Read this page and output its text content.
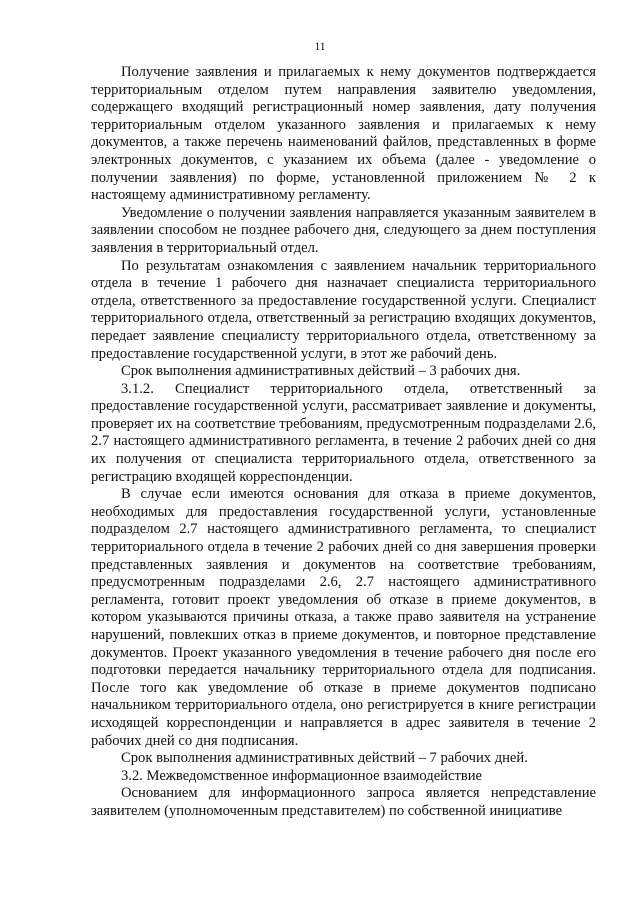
11

Получение заявления и прилагаемых к нему документов подтверждается территориальным отделом путем направления заявителю уведомления, содержащего входящий регистрационный номер заявления, дату получения территориальным отделом указанного заявления и прилагаемых к нему документов, а также перечень наименований файлов, представленных в форме электронных документов, с указанием их объема (далее - уведомление о получении заявления) по форме, установленной приложением № 2 к настоящему административному регламенту.

Уведомление о получении заявления направляется указанным заявителем в заявлении способом не позднее рабочего дня, следующего за днем поступления заявления в территориальный отдел.

По результатам ознакомления с заявлением начальник территориального отдела в течение 1 рабочего дня назначает специалиста территориального отдела, ответственного за предоставление государственной услуги. Специалист территориального отдела, ответственный за регистрацию входящих документов, передает заявление специалисту территориального отдела, ответственному за предоставление государственной услуги, в этот же рабочий день.

Срок выполнения административных действий – 3 рабочих дня.

3.1.2. Специалист территориального отдела, ответственный за предоставление государственной услуги, рассматривает заявление и документы, проверяет их на соответствие требованиям, предусмотренным подразделами 2.6, 2.7 настоящего административного регламента, в течение 2 рабочих дней со дня их получения от специалиста территориального отдела, ответственного за регистрацию входящей корреспонденции.

В случае если имеются основания для отказа в приеме документов, необходимых для предоставления государственной услуги, установленные подразделом 2.7 настоящего административного регламента, то специалист территориального отдела в течение 2 рабочих дней со дня завершения проверки представленных заявления и документов на соответствие требованиям, предусмотренным подразделами 2.6, 2.7 настоящего административного регламента, готовит проект уведомления об отказе в приеме документов, в котором указываются причины отказа, а также право заявителя на устранение нарушений, повлекших отказ в приеме документов, и повторное представление документов. Проект указанного уведомления в течение рабочего дня после его подготовки передается начальнику территориального отдела для подписания. После того как уведомление об отказе в приеме документов подписано начальником территориального отдела, оно регистрируется в книге регистрации исходящей корреспонденции и направляется в адрес заявителя в течение 2 рабочих дней со дня подписания.

Срок выполнения административных действий – 7 рабочих дней.

3.2. Межведомственное информационное взаимодействие

Основанием для информационного запроса является непредставление заявителем (уполномоченным представителем) по собственной инициативе
